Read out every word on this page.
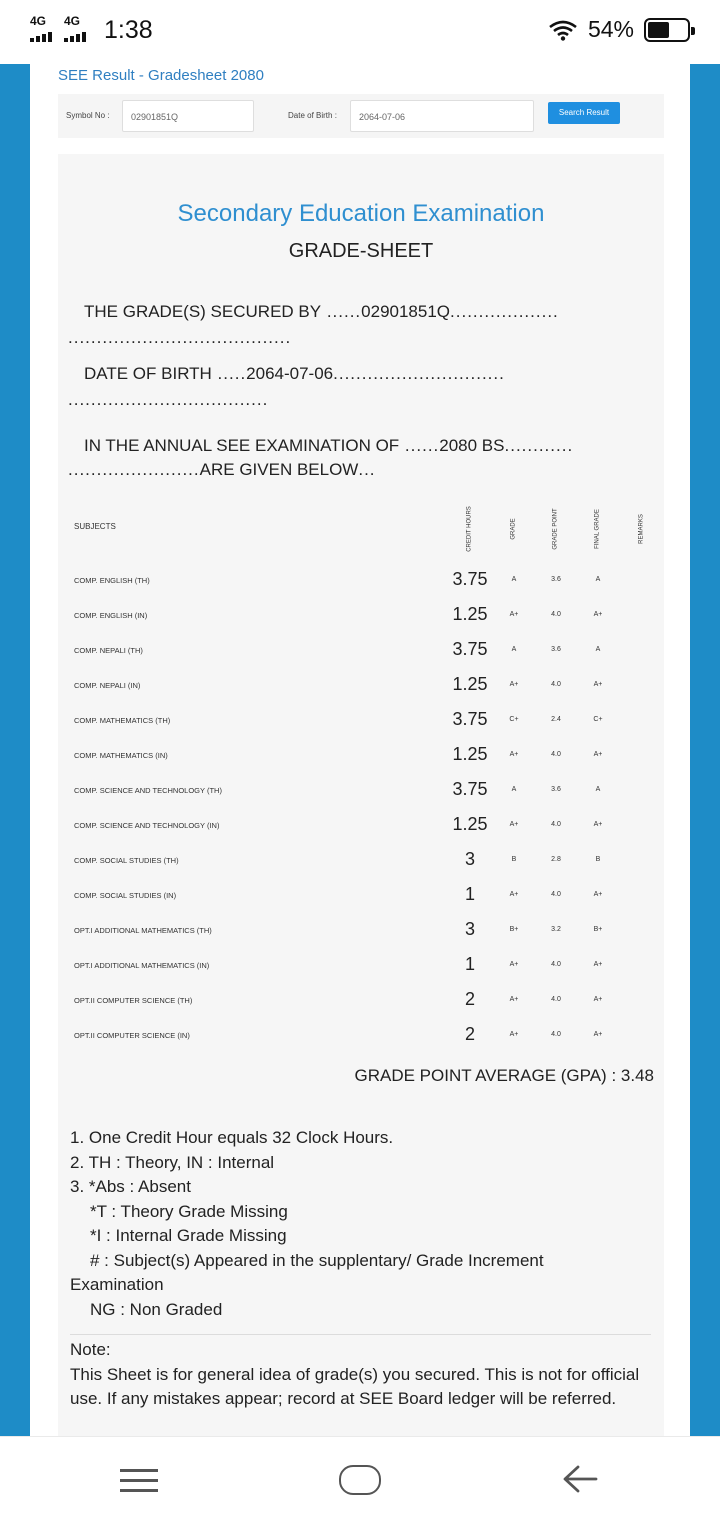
4G 4G 1:38	54%
SEE Result - Gradesheet 2080
Symbol No :	02901851Q	Date of Birth :	2064-07-06	Search Result
Secondary Education Examination
GRADE-SHEET
THE GRADE(S) SECURED BY ......02901851Q...................
.......................................
DATE OF BIRTH .....2064-07-06..............................
...................................
IN THE ANNUAL SEE EXAMINATION OF ......2080 BS............
.......................ARE GIVEN BELOW...
SUBJECTS	CREDIT HOURS	GRADE	GRADE POINT	FINAL GRADE	REMARKS
COMP. ENGLISH (TH)	3.75	A	3.6	A
COMP. ENGLISH (IN)	1.25	A+	4.0	A+
COMP. NEPALI (TH)	3.75	A	3.6	A
COMP. NEPALI (IN)	1.25	A+	4.0	A+
COMP. MATHEMATICS (TH)	3.75	C+	2.4	C+
COMP. MATHEMATICS (IN)	1.25	A+	4.0	A+
COMP. SCIENCE AND TECHNOLOGY (TH)	3.75	A	3.6	A
COMP. SCIENCE AND TECHNOLOGY (IN)	1.25	A+	4.0	A+
COMP. SOCIAL STUDIES (TH)	3	B	2.8	B
COMP. SOCIAL STUDIES (IN)	1	A+	4.0	A+
OPT.I ADDITIONAL MATHEMATICS (TH)	3	B+	3.2	B+
OPT.I ADDITIONAL MATHEMATICS (IN)	1	A+	4.0	A+
OPT.II COMPUTER SCIENCE (TH)	2	A+	4.0	A+
OPT.II COMPUTER SCIENCE (IN)	2	A+	4.0	A+
GRADE POINT AVERAGE (GPA) : 3.48
1. One Credit Hour equals 32 Clock Hours.
2. TH : Theory, IN : Internal
3. *Abs : Absent
*T : Theory Grade Missing
*I : Internal Grade Missing
# : Subject(s) Appeared in the supplentary/ Grade Increment
Examination
NG : Non Graded
Note:
This Sheet is for general idea of grade(s) you secured. This is not for official use. If any mistakes appear; record at SEE Board ledger will be referred.
